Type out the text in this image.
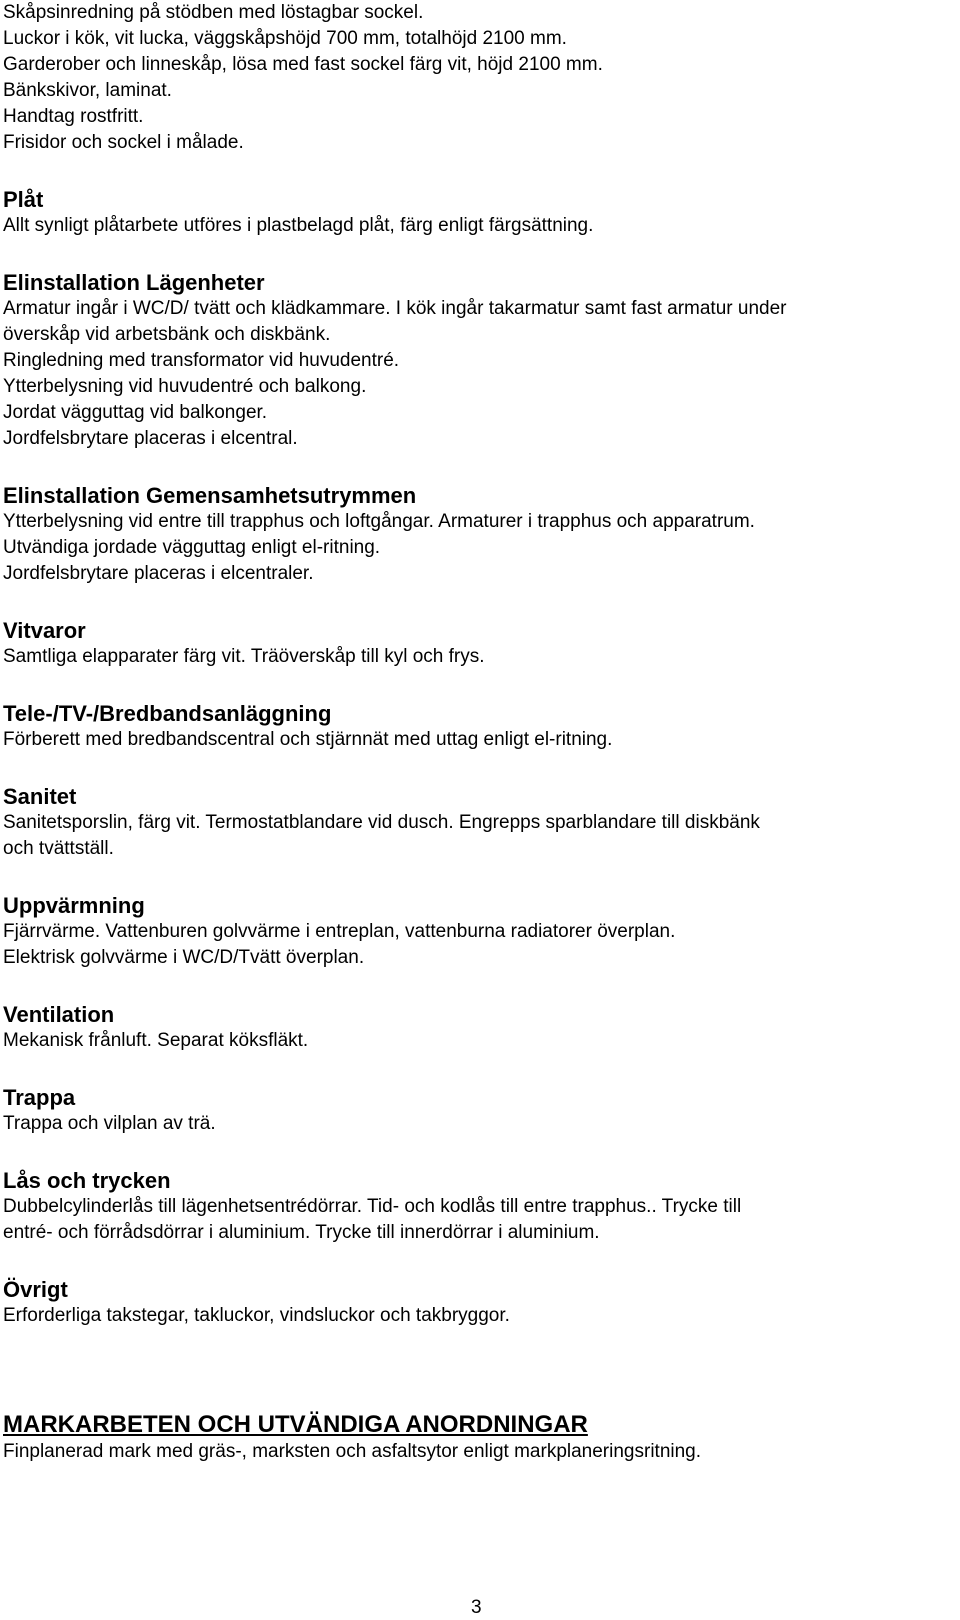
Skåpsinredning på stödben med löstagbar sockel.

Luckor i kök, vit lucka, väggskåpshöjd 700 mm, totalhöjd 2100 mm.

Garderober och linneskåp, lösa med fast sockel färg vit, höjd 2100 mm.

Bänkskivor, laminat.

Handtag rostfritt.

Frisidor och sockel i målade.

Plåt

Allt synligt plåtarbete utföres i plastbelagd plåt, färg enligt färgsättning.

Elinstallation Lägenheter

Armatur ingår i WC/D/ tvätt och klädkammare. I kök ingår takarmatur samt fast armatur under

överskåp vid arbetsbänk och diskbänk.

Ringledning med transformator vid huvudentré.

Ytterbelysning vid huvudentré och balkong.

Jordat vägguttag vid balkonger.

Jordfelsbrytare placeras i elcentral.

Elinstallation Gemensamhetsutrymmen

Ytterbelysning vid entre till trapphus och loftgångar. Armaturer i trapphus och apparatrum.

Utvändiga jordade vägguttag enligt el-ritning.

Jordfelsbrytare placeras i elcentraler.

Vitvaror

Samtliga elapparater färg vit. Träöverskåp till kyl och frys.

Tele-/TV-/Bredbandsanläggning

Förberett med bredbandscentral och stjärnnät med uttag enligt el-ritning.

Sanitet

Sanitetsporslin, färg vit. Termostatblandare vid dusch. Engrepps sparblandare till diskbänk

och tvättställ.

Uppvärmning

Fjärrvärme. Vattenburen golvvärme i entreplan, vattenburna radiatorer överplan.

Elektrisk golvvärme i WC/D/Tvätt överplan.

Ventilation

Mekanisk frånluft. Separat köksfläkt.

Trappa

Trappa och vilplan av trä.

Lås och trycken

Dubbelcylinderlås till lägenhetsentrédörrar. Tid- och kodlås till entre trapphus.. Trycke till

entré- och förrådsdörrar i aluminium. Trycke till innerdörrar i aluminium.

Övrigt

Erforderliga takstegar, takluckor, vindsluckor och takbryggor.

MARKARBETEN OCH UTVÄNDIGA ANORDNINGAR

Finplanerad mark med gräs-, marksten och asfaltsytor enligt markplaneringsritning.

3
